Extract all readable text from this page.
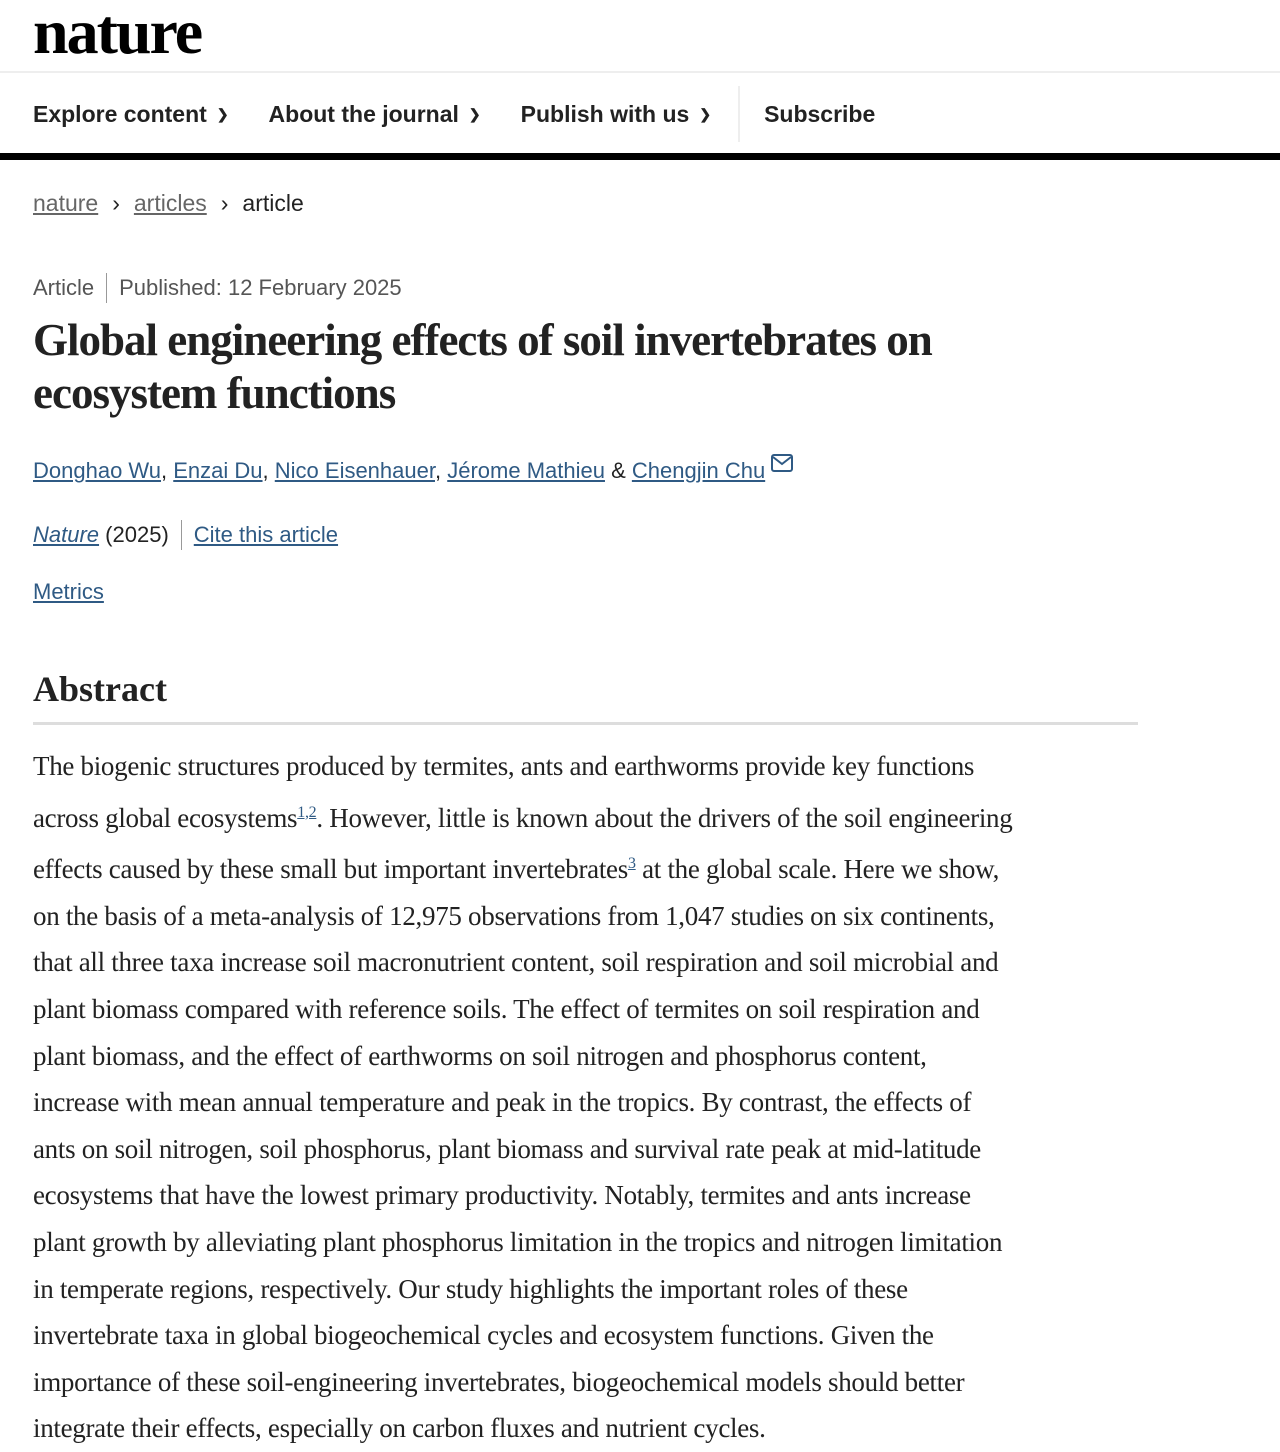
nature
Explore content ❯ About the journal ❯ Publish with us ❯ Subscribe
nature › articles › article
Article Published: 12 February 2025
Global engineering effects of soil invertebrates on ecosystem functions
Donghao Wu, Enzai Du, Nico Eisenhauer, Jérome Mathieu & Chengjin Chu
Nature
(2025) Cite this article
Metrics
Abstract
The biogenic structures produced by termites, ants and earthworms provide key functions
across global ecosystems$^{1,2}$. However, little is known about the drivers of the soil engineering
effects caused by these small but important invertebrates$^3$ at the global scale. Here we show,
on the basis of a meta-analysis of 12,975 observations from 1,047 studies on six continents,
that all three taxa increase soil macronutrient content, soil respiration and soil microbial and
plant biomass compared with reference soils. The effect of termites on soil respiration and
plant biomass, and the effect of earthworms on soil nitrogen and phosphorus content,
increase with mean annual temperature and peak in the tropics. By contrast, the effects of
ants on soil nitrogen, soil phosphorus, plant biomass and survival rate peak at mid-latitude
ecosystems that have the lowest primary productivity. Notably, termites and ants increase
plant growth by alleviating plant phosphorus limitation in the tropics and nitrogen limitation
in temperate regions, respectively. Our study highlights the important roles of these
invertebrate taxa in global biogeochemical cycles and ecosystem functions. Given the
importance of these soil-engineering invertebrates, biogeochemical models should better
integrate their effects, especially on carbon fluxes and nutrient cycles.
